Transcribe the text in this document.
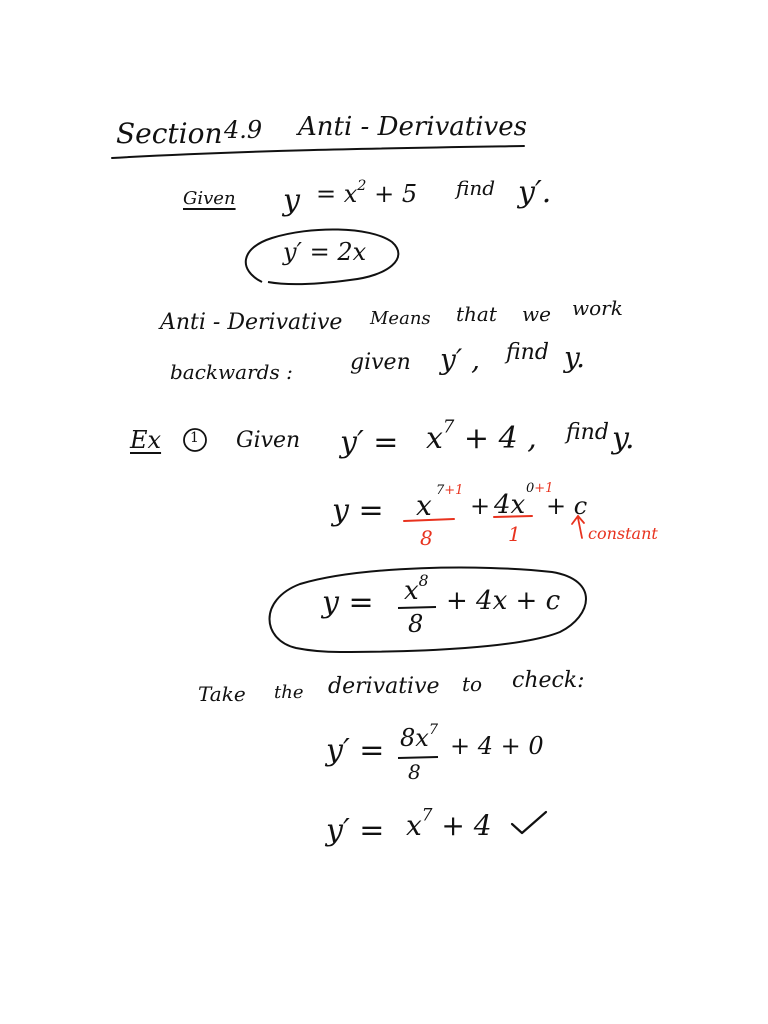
Section 4.9 Anti - Derivatives
Given $y = x^2 + 5$ find y′.
y′ = 2x
Anti - Derivative Means that we work
backwards :	given y′ , find y.
Ex 1 Given $y' = x^7 + 4$ , find y.
y = x 7+1
+ 4x
0+1
+ c
8	1	constant
$y = x^8$
8
+ 4x + c
Take the derivative to check:
$y' = 8x^7$
8
+ 4 + 0
$y' = x^7 + 4$
